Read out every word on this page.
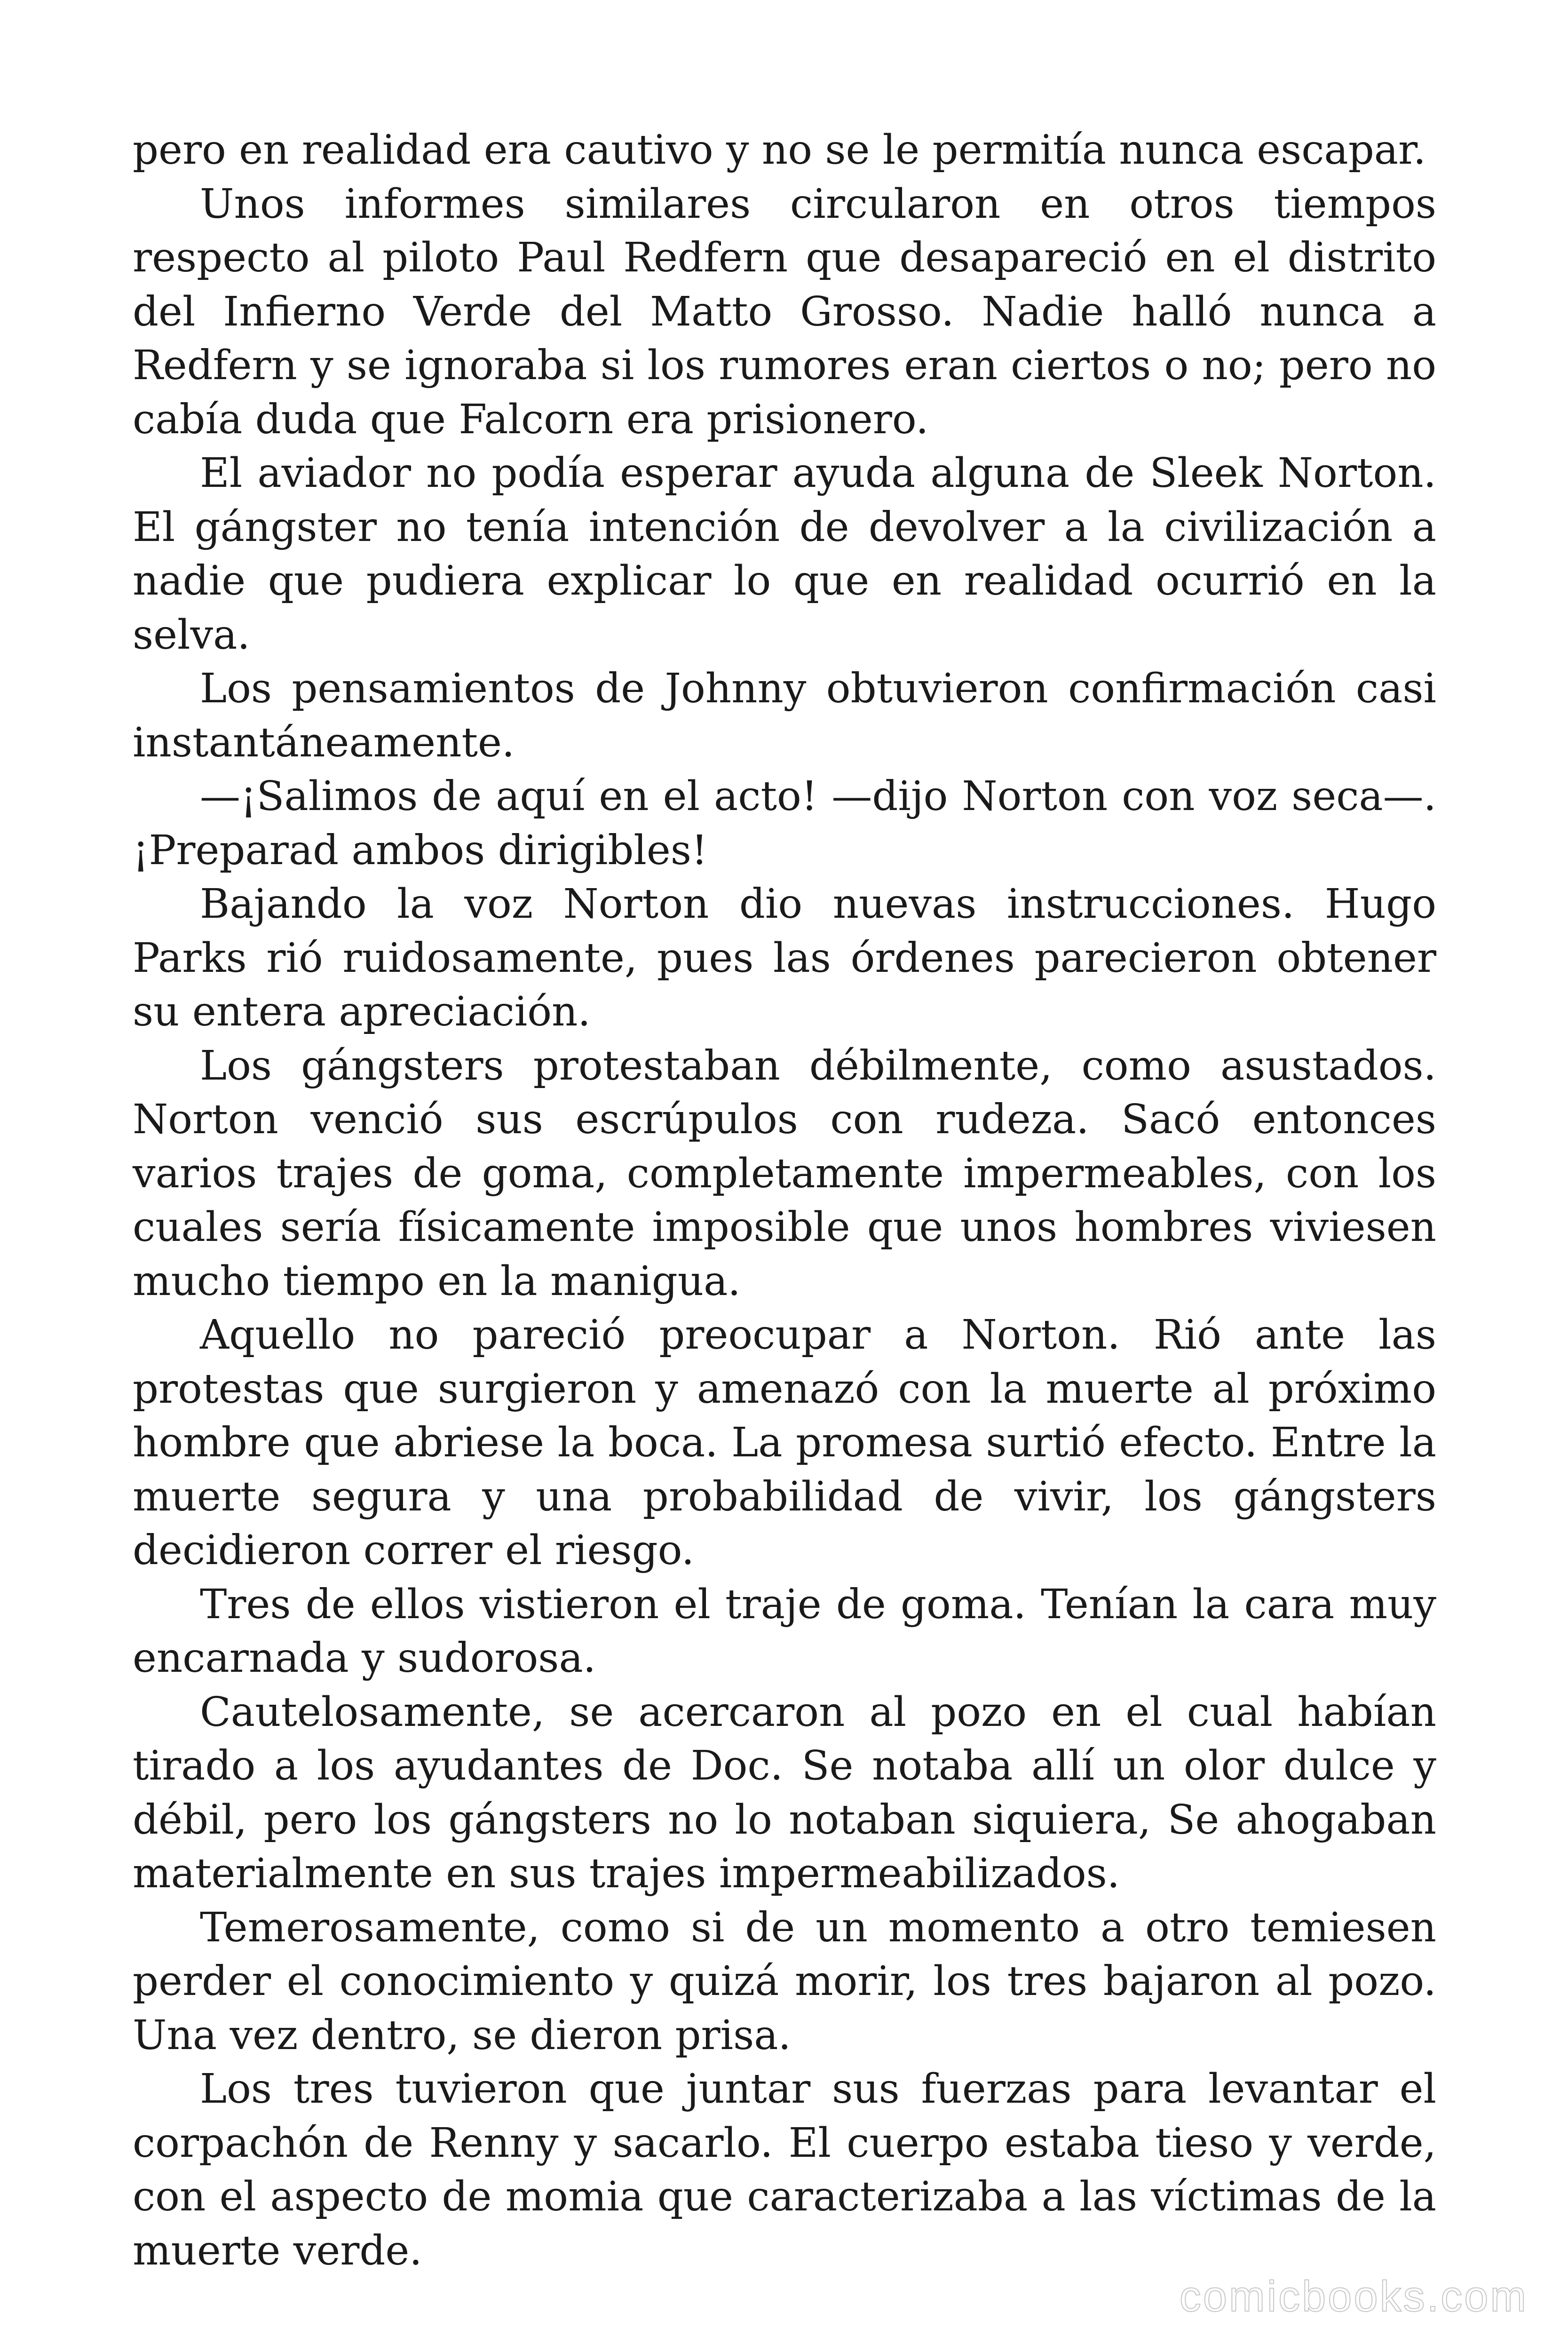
pero en realidad era cautivo y no se le permitía nunca escapar.

Unos informes similares circularon en otros tiempos respecto al piloto Paul Redfern que desapareció en el distrito del Infierno Verde del Matto Grosso. Nadie halló nunca a Redfern y se ignoraba si los rumores eran ciertos o no; pero no cabía duda que Falcorn era prisionero.

El aviador no podía esperar ayuda alguna de Sleek Norton. El gángster no tenía intención de devolver a la civilización a nadie que pudiera explicar lo que en realidad ocurrió en la selva.

Los pensamientos de Johnny obtuvieron confirmación casi instantáneamente.

—¡Salimos de aquí en el acto! —dijo Norton con voz seca—. ¡Preparad ambos dirigibles!

Bajando la voz Norton dio nuevas instrucciones. Hugo Parks rió ruidosamente, pues las órdenes parecieron obtener su entera apreciación.

Los gángsters protestaban débilmente, como asustados. Norton venció sus escrúpulos con rudeza. Sacó entonces varios trajes de goma, completamente impermeables, con los cuales sería físicamente imposible que unos hombres viviesen mucho tiempo en la manigua.

Aquello no pareció preocupar a Norton. Rió ante las protestas que surgieron y amenazó con la muerte al próximo hombre que abriese la boca. La promesa surtió efecto. Entre la muerte segura y una probabilidad de vivir, los gángsters decidieron correr el riesgo.

Tres de ellos vistieron el traje de goma. Tenían la cara muy encarnada y sudorosa.

Cautelosamente, se acercaron al pozo en el cual habían tirado a los ayudantes de Doc. Se notaba allí un olor dulce y débil, pero los gángsters no lo notaban siquiera, Se ahogaban materialmente en sus trajes impermeabilizados.

Temerosamente, como si de un momento a otro temiesen perder el conocimiento y quizá morir, los tres bajaron al pozo. Una vez dentro, se dieron prisa.

Los tres tuvieron que juntar sus fuerzas para levantar el corpachón de Renny y sacarlo. El cuerpo estaba tieso y verde, con el aspecto de momia que caracterizaba a las víctimas de la muerte verde.

comicbooks.com
